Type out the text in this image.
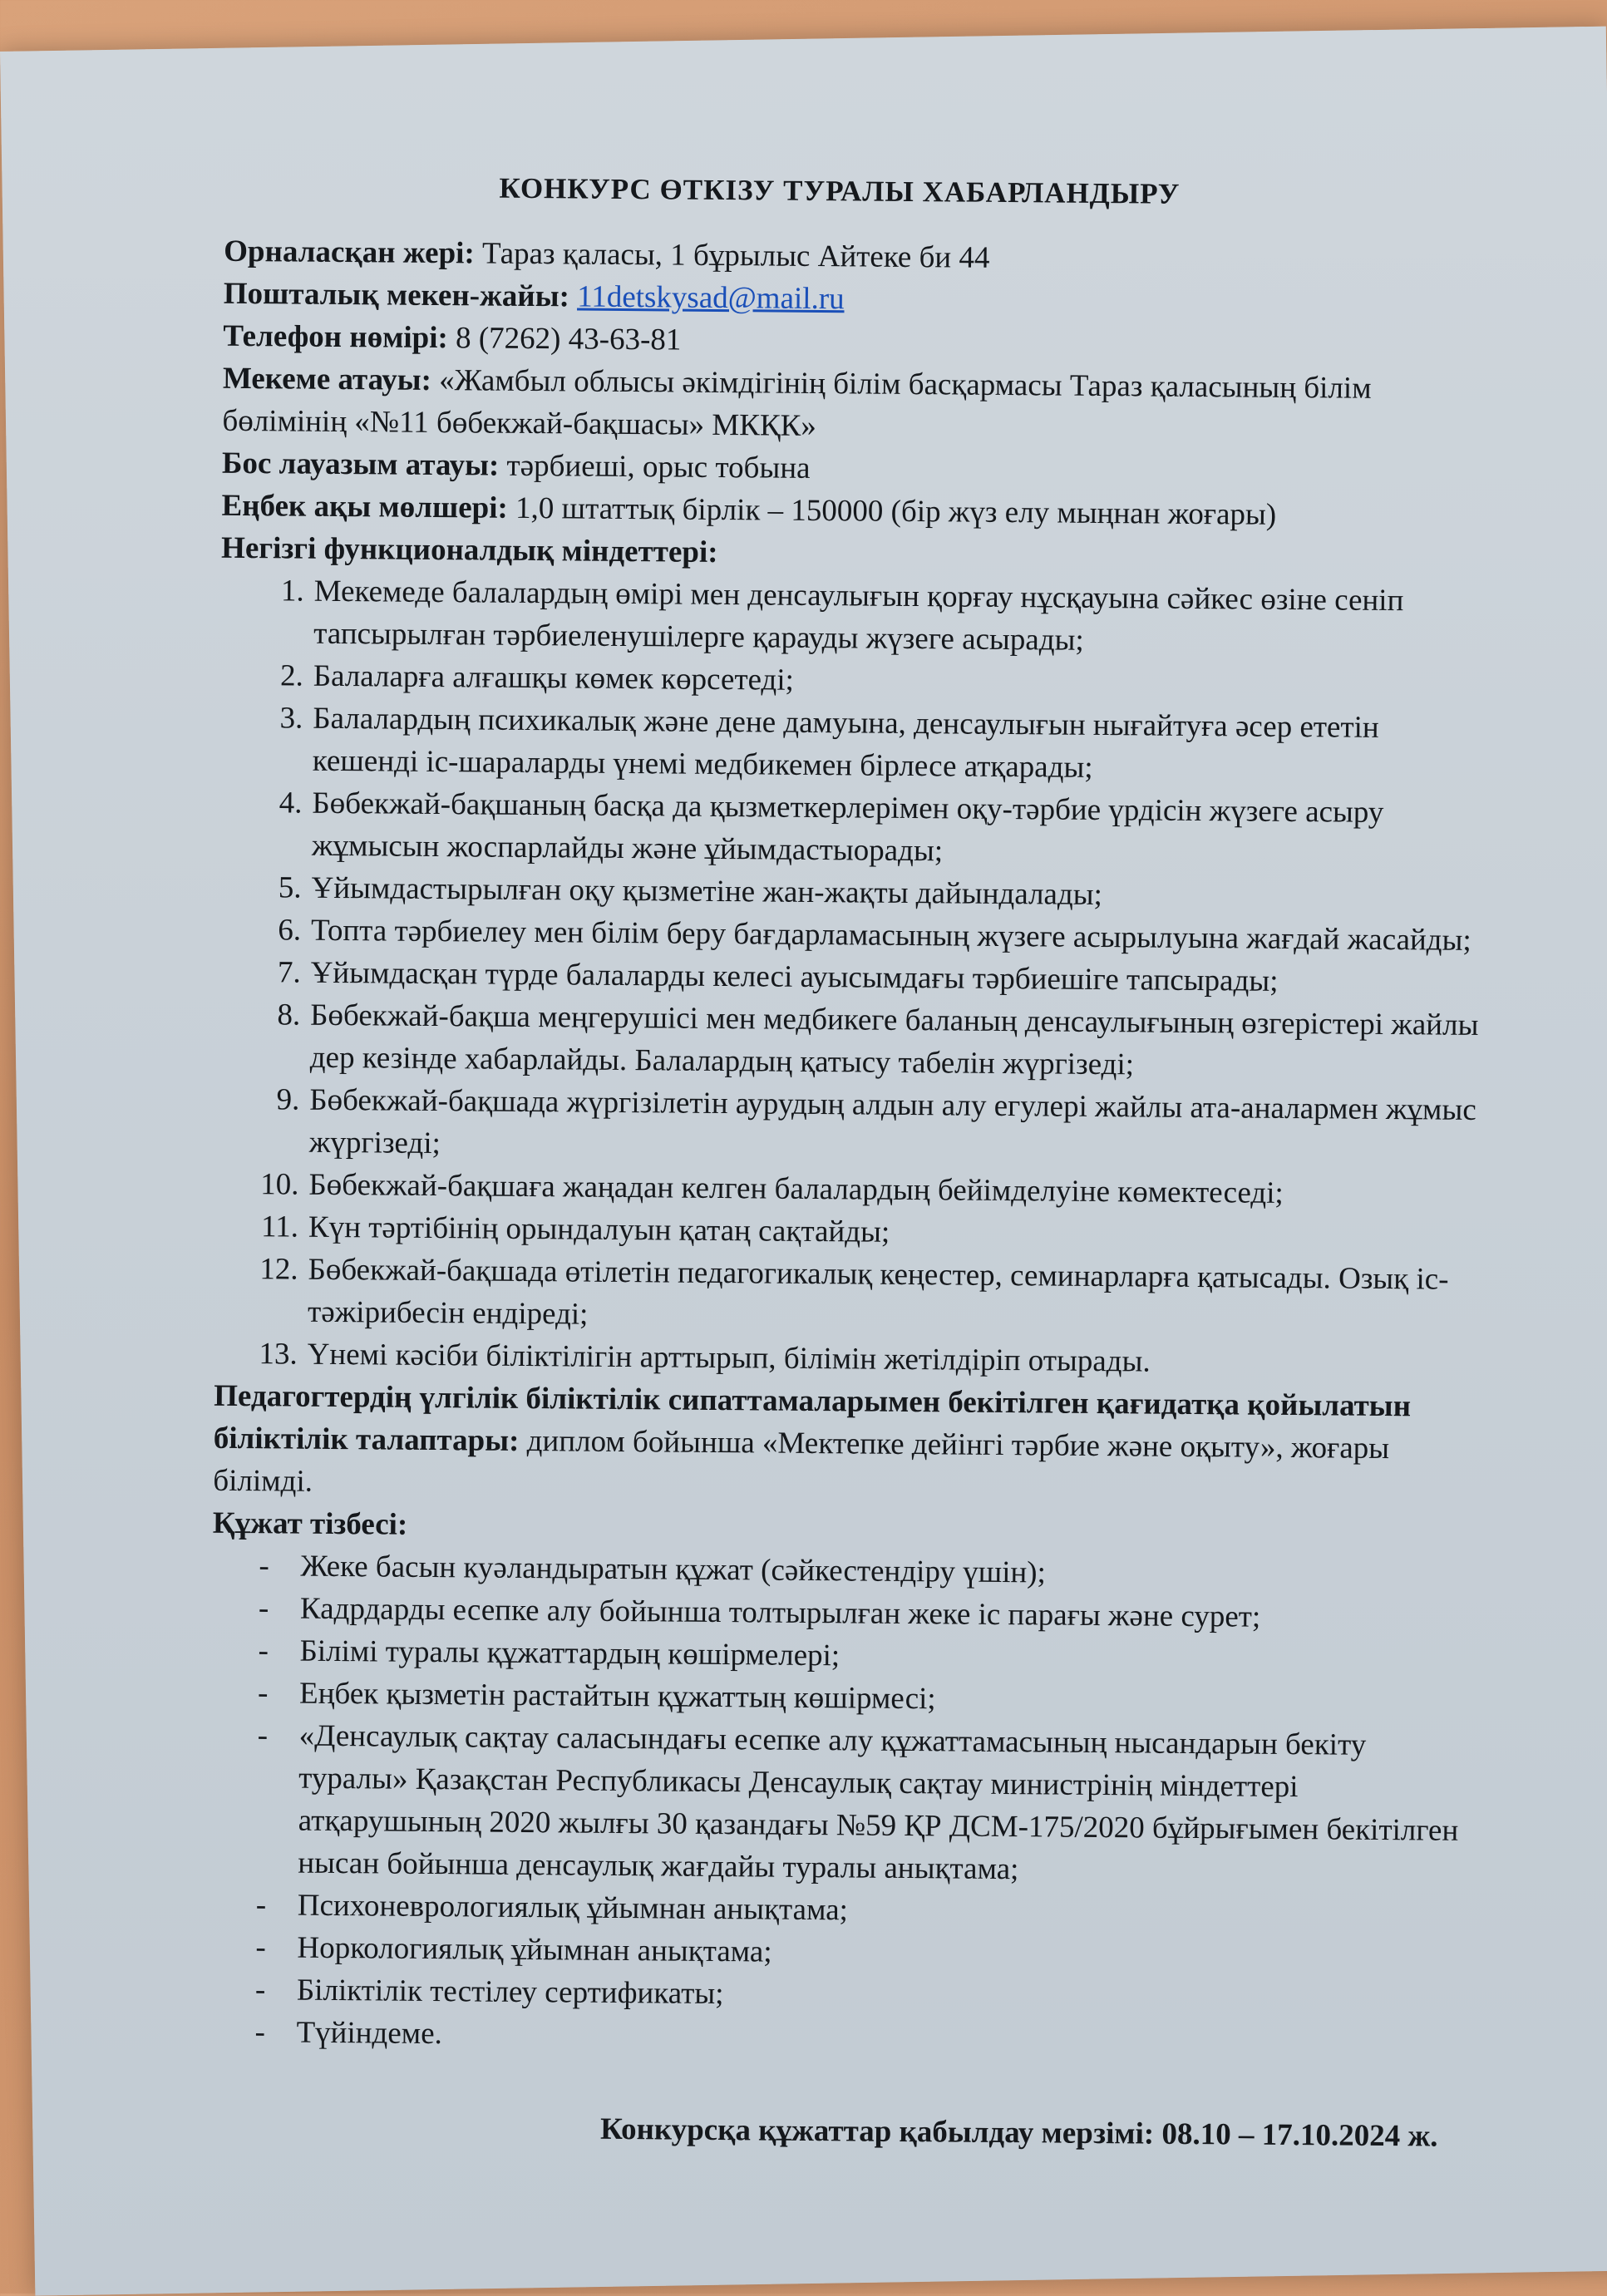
КОНКУРС ӨТКІЗУ ТУРАЛЫ ХАБАРЛАНДЫРУ

Орналасқан жері: Тараз қаласы, 1 бұрылыс Айтеке би 44

Пошталық мекен-жайы: 11detskysad@mail.ru

Телефон нөмірі: 8 (7262) 43-63-81

Мекеме атауы: «Жамбыл облысы әкімдігінің білім басқармасы Тараз қаласының білім бөлімінің «№11 бөбекжай-бақшасы» МКҚК»

Бос лауазым атауы: тәрбиеші, орыс тобына

Еңбек ақы мөлшері: 1,0 штаттық бірлік – 150000 (бір жүз елу мыңнан жоғары)

Негізгі функционалдық міндеттері:

1. Мекемеде балалардың өмірі мен денсаулығын қорғау нұсқауына сәйкес өзіне сеніп тапсырылған тәрбиеленушілерге қарауды жүзеге асырады;
2. Балаларға алғашқы көмек көрсетеді;
3. Балалардың психикалық және дене дамуына, денсаулығын нығайтуға әсер ететін кешенді іс-шараларды үнемі медбикемен бірлесе атқарады;
4. Бөбекжай-бақшаның басқа да қызметкерлерімен оқу-тәрбие үрдісін жүзеге асыру жұмысын жоспарлайды және ұйымдастыорады;
5. Ұйымдастырылған оқу қызметіне жан-жақты дайындалады;
6. Топта тәрбиелеу мен білім беру бағдарламасының жүзеге асырылуына жағдай жасайды;
7. Ұйымдасқан түрде балаларды келесі ауысымдағы тәрбиешіге тапсырады;
8. Бөбекжай-бақша меңгерушісі мен медбикеге баланың денсаулығының өзгерістері жайлы дер кезінде хабарлайды. Балалардың қатысу табелін жүргізеді;
9. Бөбекжай-бақшада жүргізілетін аурудың алдын алу егулері жайлы ата-аналармен жұмыс жүргізеді;
10. Бөбекжай-бақшаға жаңадан келген балалардың бейімделуіне көмектеседі;
11. Күн тәртібінің орындалуын қатаң сақтайды;
12. Бөбекжай-бақшада өтілетін педагогикалық кеңестер, семинарларға қатысады. Озық іс-тәжірибесін ендіреді;
13. Үнемі кәсіби біліктілігін арттырып, білімін жетілдіріп отырады.

Педагогтердің үлгілік біліктілік сипаттамаларымен бекітілген қағидатқа қойылатын біліктілік талаптары: диплом бойынша «Мектепке дейінгі тәрбие және оқыту», жоғары білімді.

Құжат тізбесі:

- Жеке басын куәландыратын құжат (сәйкестендіру үшін);
- Кадрдарды есепке алу бойынша толтырылған жеке іс парағы және сурет;
- Білімі туралы құжаттардың көшірмелері;
- Еңбек қызметін растайтын құжаттың көшірмесі;
- «Денсаулық сақтау саласындағы есепке алу құжаттамасының нысандарын бекіту туралы» Қазақстан Республикасы Денсаулық сақтау министрінің міндеттері атқарушының 2020 жылғы 30 қазандағы №59 ҚР ДСМ-175/2020 бұйрығымен бекітілген нысан бойынша денсаулық жағдайы туралы анықтама;
- Психоневрологиялық ұйымнан анықтама;
- Норкологиялық ұйымнан анықтама;
- Біліктілік тестілеу сертификаты;
- Түйіндеме.
Конкурсқа құжаттар қабылдау мерзімі: 08.10 – 17.10.2024 ж.
